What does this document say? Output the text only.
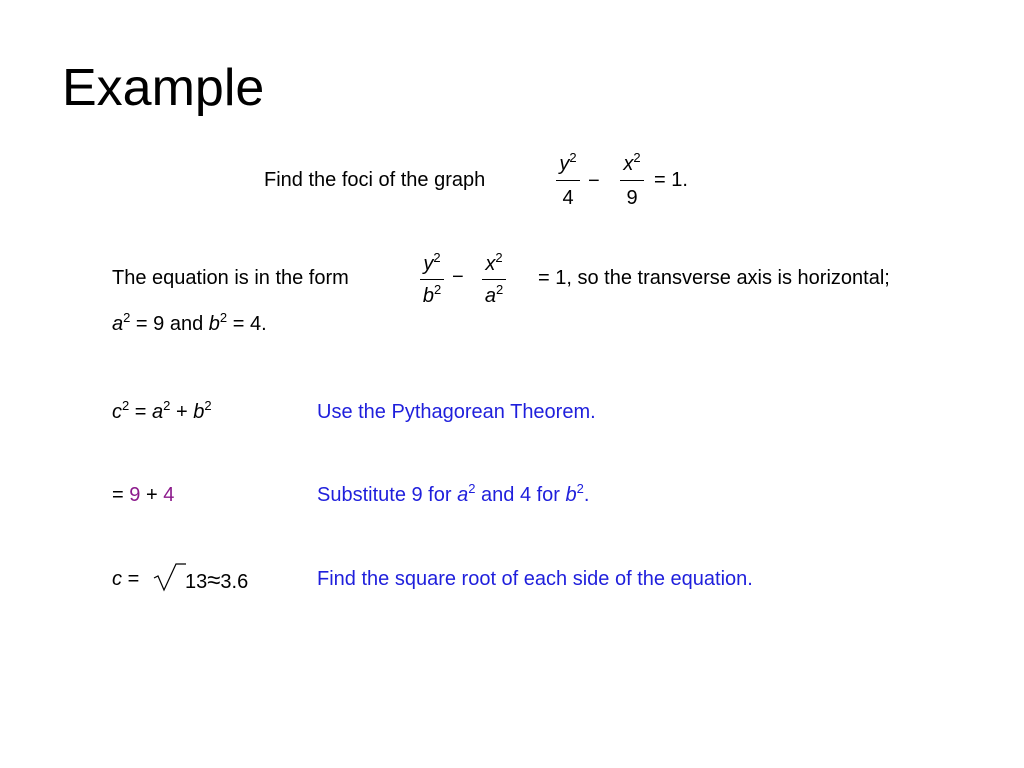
Example
Find the foci of the graph
$y^2$
4
−
$x^2$
9
= 1.
The equation is in the form
$y^2$
$b^2$
−
$x^2$
$a^2$
= 1, so the transverse axis is horizontal;
$a^2 = 9$ and $b^2 = 4$.
$c^2 = a^2 + b^2$	Use the Pythagorean Theorem.
= 9 + 4	Substitute 9 for $a^2$ and 4 for $b^2$.
c = 13≈3.6	Find the square root of each side of the equation.
